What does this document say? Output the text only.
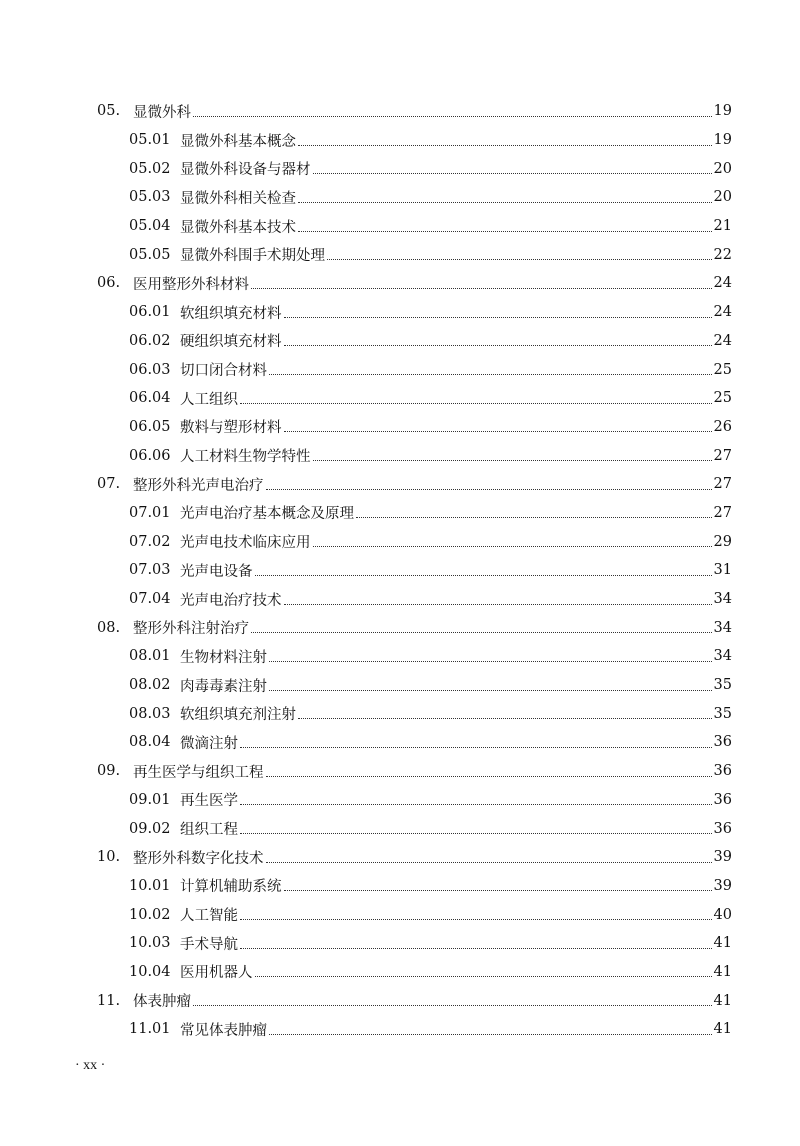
05. 显微外科	19
05.01 显微外科基本概念	19
05.02 显微外科设备与器材	20
05.03 显微外科相关检查	20
05.04 显微外科基本技术	21
05.05 显微外科围手术期处理	22
06. 医用整形外科材料	24
06.01 软组织填充材料	24
06.02 硬组织填充材料	24
06.03 切口闭合材料	25
06.04 人工组织	25
06.05 敷料与塑形材料	26
06.06 人工材料生物学特性	27
07. 整形外科光声电治疗	27
07.01 光声电治疗基本概念及原理	27
07.02 光声电技术临床应用	29
07.03 光声电设备	31
07.04 光声电治疗技术	34
08. 整形外科注射治疗	34
08.01 生物材料注射	34
08.02 肉毒毒素注射	35
08.03 软组织填充剂注射	35
08.04 微滴注射	36
09. 再生医学与组织工程	36
09.01 再生医学	36
09.02 组织工程	36
10. 整形外科数字化技术	39
10.01 计算机辅助系统	39
10.02 人工智能	40
10.03 手术导航	41
10.04 医用机器人	41
11. 体表肿瘤	41
11.01 常见体表肿瘤	41
· xx ·
